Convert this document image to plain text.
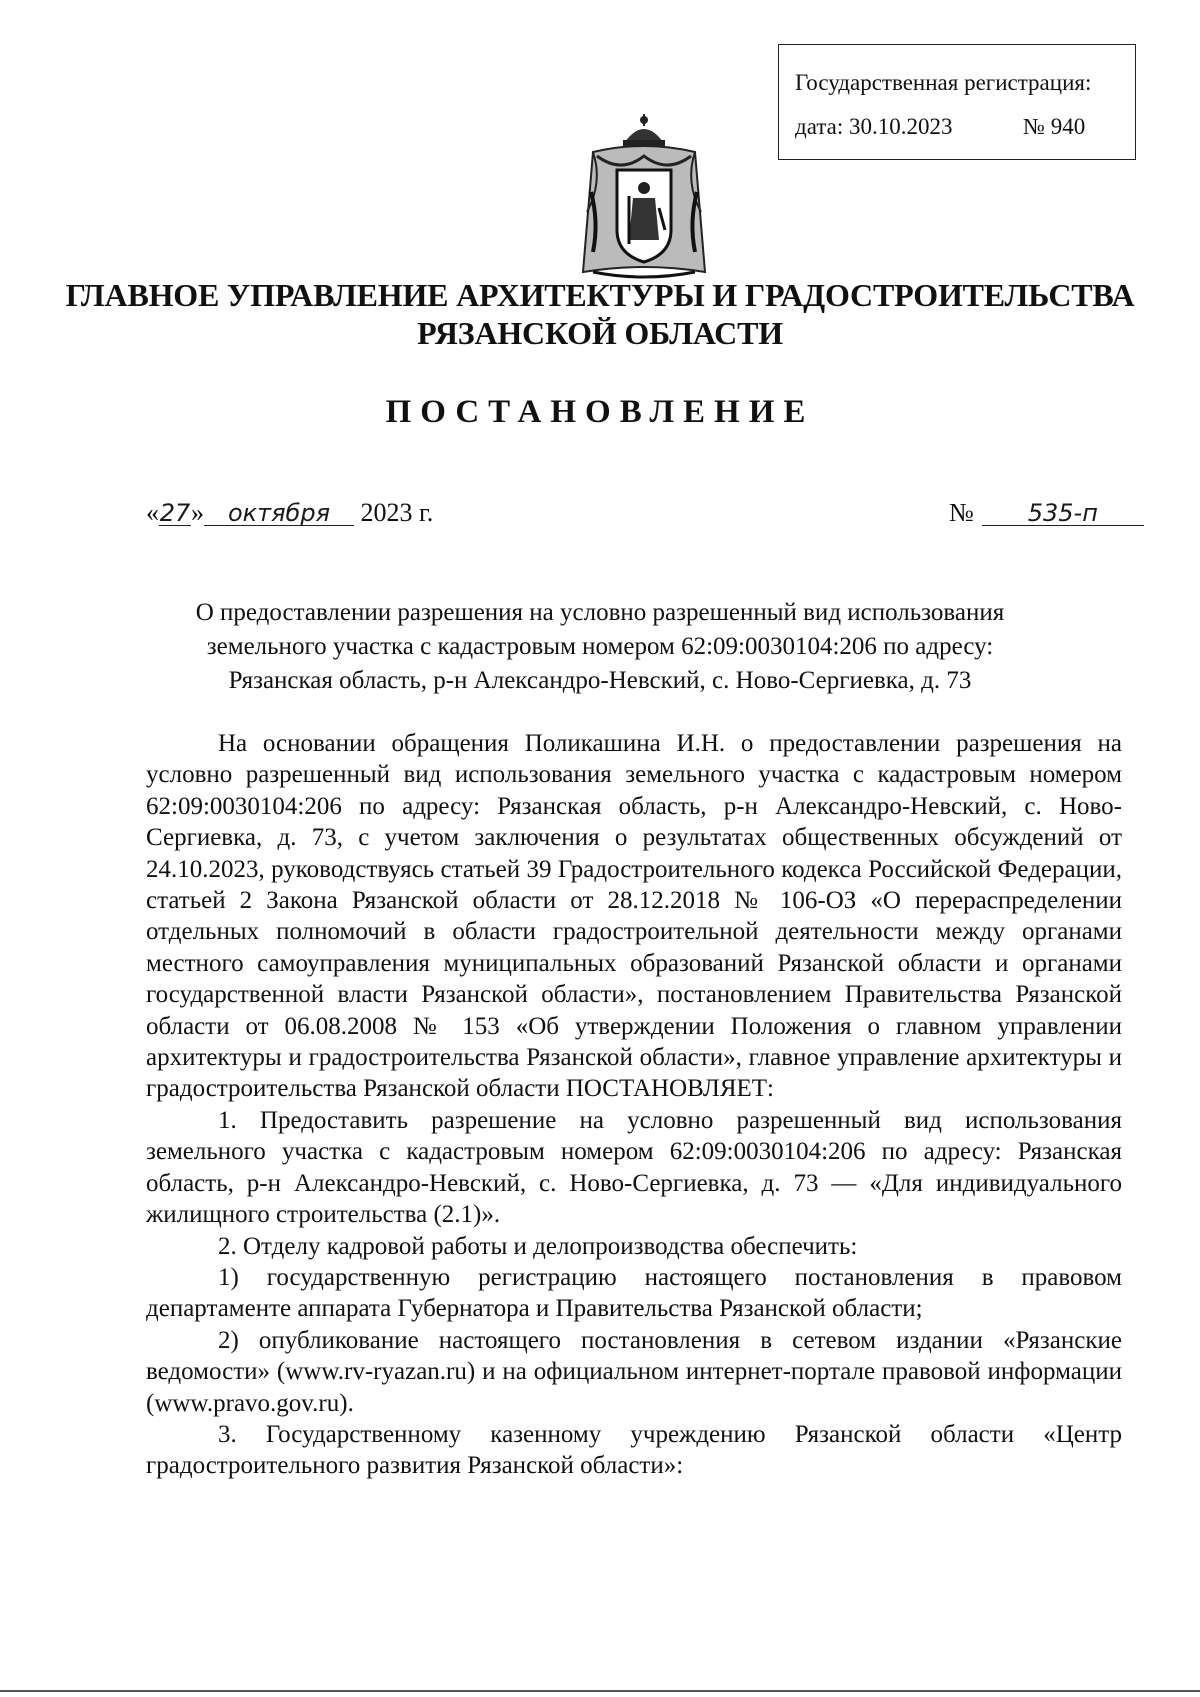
Государственная регистрация:
дата: 30.10.2023	№ 940
ГЛАВНОЕ УПРАВЛЕНИЕ АРХИТЕКТУРЫ И ГРАДОСТРОИТЕЛЬСТВА
РЯЗАНСКОЙ ОБЛАСТИ
ПОСТАНОВЛЕНИЕ
«27» октября 2023 г.	№ 535-п
О предоставлении разрешения на условно разрешенный вид использования
земельного участка с кадастровым номером 62:09:0030104:206 по адресу:
Рязанская область, р-н Александро-Невский, с. Ново-Сергиевка, д. 73

На основании обращения Поликашина И.Н. о предоставлении разрешения на условно разрешенный вид использования земельного участка с кадастровым номером 62:09:0030104:206 по адресу: Рязанская область, р-н Александро-Невский, с. Ново-Сергиевка, д. 73, с учетом заключения о результатах общественных обсуждений от 24.10.2023, руководствуясь статьей 39 Градостроительного кодекса Российской Федерации, статьей 2 Закона Рязанской области от 28.12.2018 № 106-ОЗ «О перераспределении отдельных полномочий в области градостроительной деятельности между органами местного самоуправления муниципальных образований Рязанской области и органами государственной власти Рязанской области», постановлением Правительства Рязанской области от 06.08.2008 № 153 «Об утверждении Положения о главном управлении архитектуры и градостроительства Рязанской области», главное управление архитектуры и градостроительства Рязанской области ПОСТАНОВЛЯЕТ:

1. Предоставить разрешение на условно разрешенный вид использования земельного участка с кадастровым номером 62:09:0030104:206 по адресу: Рязанская область, р-н Александро-Невский, с. Ново-Сергиевка, д. 73 — «Для индивидуального жилищного строительства (2.1)».

2. Отделу кадровой работы и делопроизводства обеспечить:

1) государственную регистрацию настоящего постановления в правовом департаменте аппарата Губернатора и Правительства Рязанской области;

2) опубликование настоящего постановления в сетевом издании «Рязанские ведомости» (www.rv-ryazan.ru) и на официальном интернет-портале правовой информации (www.pravo.gov.ru).

3. Государственному казенному учреждению Рязанской области «Центр градостроительного развития Рязанской области»:
